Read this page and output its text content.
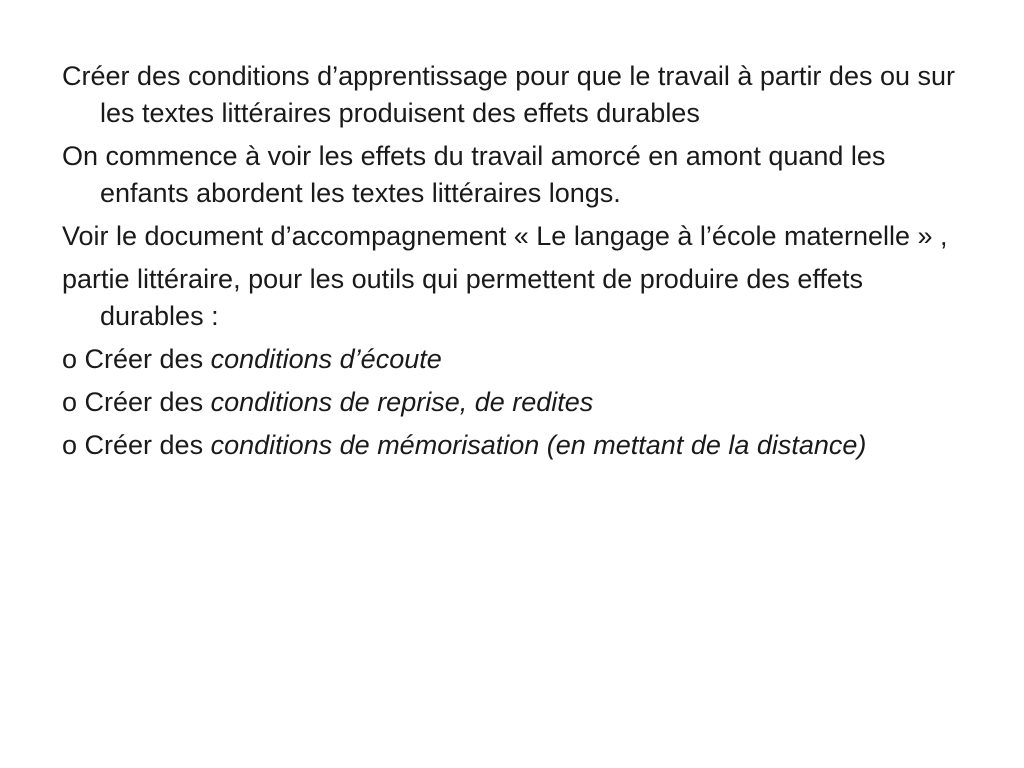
Créer des conditions d’apprentissage pour que le travail à partir des ou sur les textes littéraires produisent des effets durables

On commence à voir les effets du travail amorcé en amont quand les enfants abordent les textes littéraires longs.

Voir le document d’accompagnement « Le langage à l’école maternelle » ,

partie littéraire, pour les outils qui permettent de produire des effets durables :

o Créer des conditions d’écoute

o Créer des conditions de reprise, de redites

o Créer des conditions de mémorisation (en mettant de la distance)
